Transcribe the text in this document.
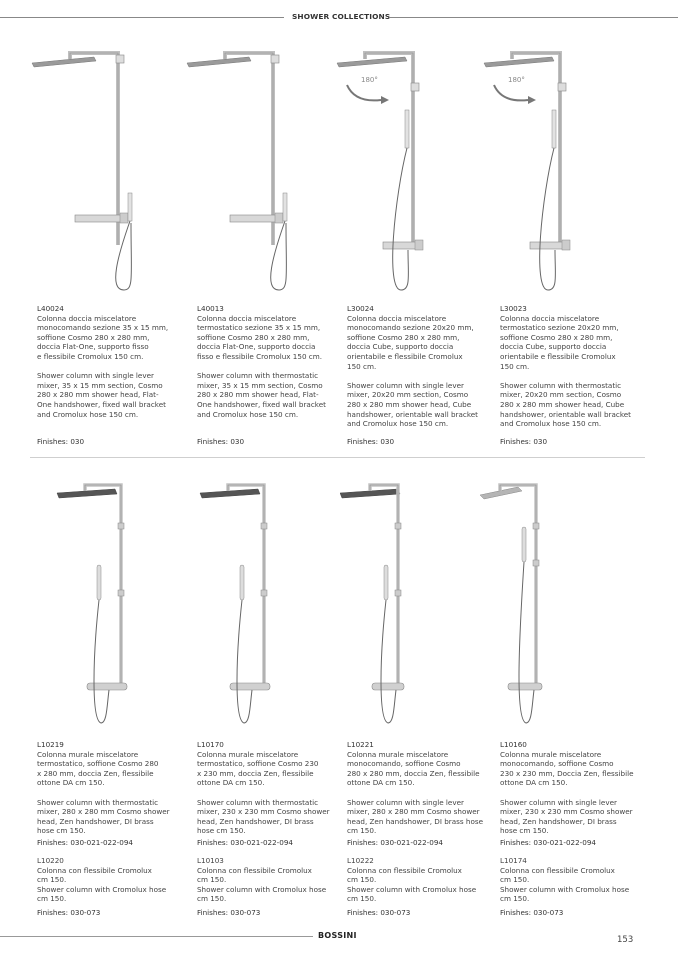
SHOWER COLLECTIONS

L40024

Colonna doccia miscelatore

monocomando sezione 35 x 15 mm,

soffione Cosmo 280 x 280 mm,

doccia Flat-One, supporto fisso

e flessibile Cromolux 150 cm.

Shower column with single lever

mixer, 35 x 15 mm section, Cosmo

280 x 280 mm shower head, Flat-

One handshower, fixed wall bracket

and Cromolux hose 150 cm.

Finishes: 030

L40013

Colonna doccia miscelatore

termostatico sezione 35 x 15 mm,

soffione Cosmo 280 x 280 mm,

doccia Flat-One, supporto doccia

fisso e flessibile Cromolux 150 cm.

Shower column with thermostatic

mixer, 35 x 15 mm section, Cosmo

280 x 280 mm shower head, Flat-

One handshower, fixed wall bracket

and Cromolux hose 150 cm.

Finishes: 030

L30024

Colonna doccia miscelatore

monocomando sezione 20x20 mm,

soffione Cosmo 280 x 280 mm,

doccia Cube, supporto doccia

orientabile e flessibile Cromolux

150 cm.

Shower column with single lever

mixer, 20x20 mm section, Cosmo

280 x 280 mm shower head, Cube

handshower, orientable wall bracket

and Cromolux hose 150 cm.

Finishes: 030

L30023

Colonna doccia miscelatore

termostatico sezione 20x20 mm,

soffione Cosmo 280 x 280 mm,

doccia Cube, supporto doccia

orientabile e flessibile Cromolux

150 cm.

Shower column with thermostatic

mixer, 20x20 mm section, Cosmo

280 x 280 mm shower head, Cube

handshower, orientable wall bracket

and Cromolux hose 150 cm.

Finishes: 030

L10219

Colonna murale miscelatore

termostatico, soffione Cosmo 280

x 280 mm, doccia Zen, flessibile

ottone DA cm 150.

Shower column with thermostatic

mixer, 280 x 280 mm Cosmo shower

head, Zen handshower, DI brass

hose cm 150.

Finishes: 030-021-022-094

L10220

Colonna con flessibile Cromolux

cm 150.

Shower column with Cromolux hose

cm 150.

Finishes: 030-073

L10170

Colonna murale miscelatore

termostatico, soffione Cosmo 230

x 230 mm, doccia Zen, flessibile

ottone DA cm 150.

Shower column with thermostatic

mixer, 230 x 230 mm Cosmo shower

head, Zen handshower, DI brass

hose cm 150.

Finishes: 030-021-022-094

L10103

Colonna con flessibile Cromolux

cm 150.

Shower column with Cromolux hose

cm 150.

Finishes: 030-073

L10221

Colonna murale miscelatore

monocomando, soffione Cosmo

280 x 280 mm, doccia Zen, flessibile

ottone DA cm 150.

Shower column with single lever

mixer, 280 x 280 mm Cosmo shower

head, Zen handshower, DI brass hose

cm 150.

Finishes: 030-021-022-094

L10222

Colonna con flessibile Cromolux

cm 150.

Shower column with Cromolux hose

cm 150.

Finishes: 030-073

L10160

Colonna murale miscelatore

monocomando, soffione Cosmo

230 x 230 mm, Doccia Zen, flessibile

ottone DA cm 150.

Shower column with single lever

mixer, 230 x 230 mm Cosmo shower

head, Zen handshower, DI brass

hose cm 150.

Finishes: 030-021-022-094

L10174

Colonna con flessibile Cromolux

cm 150.

Shower column with Cromolux hose

cm 150.

Finishes: 030-073
BOSSINI	153
180°	180°
